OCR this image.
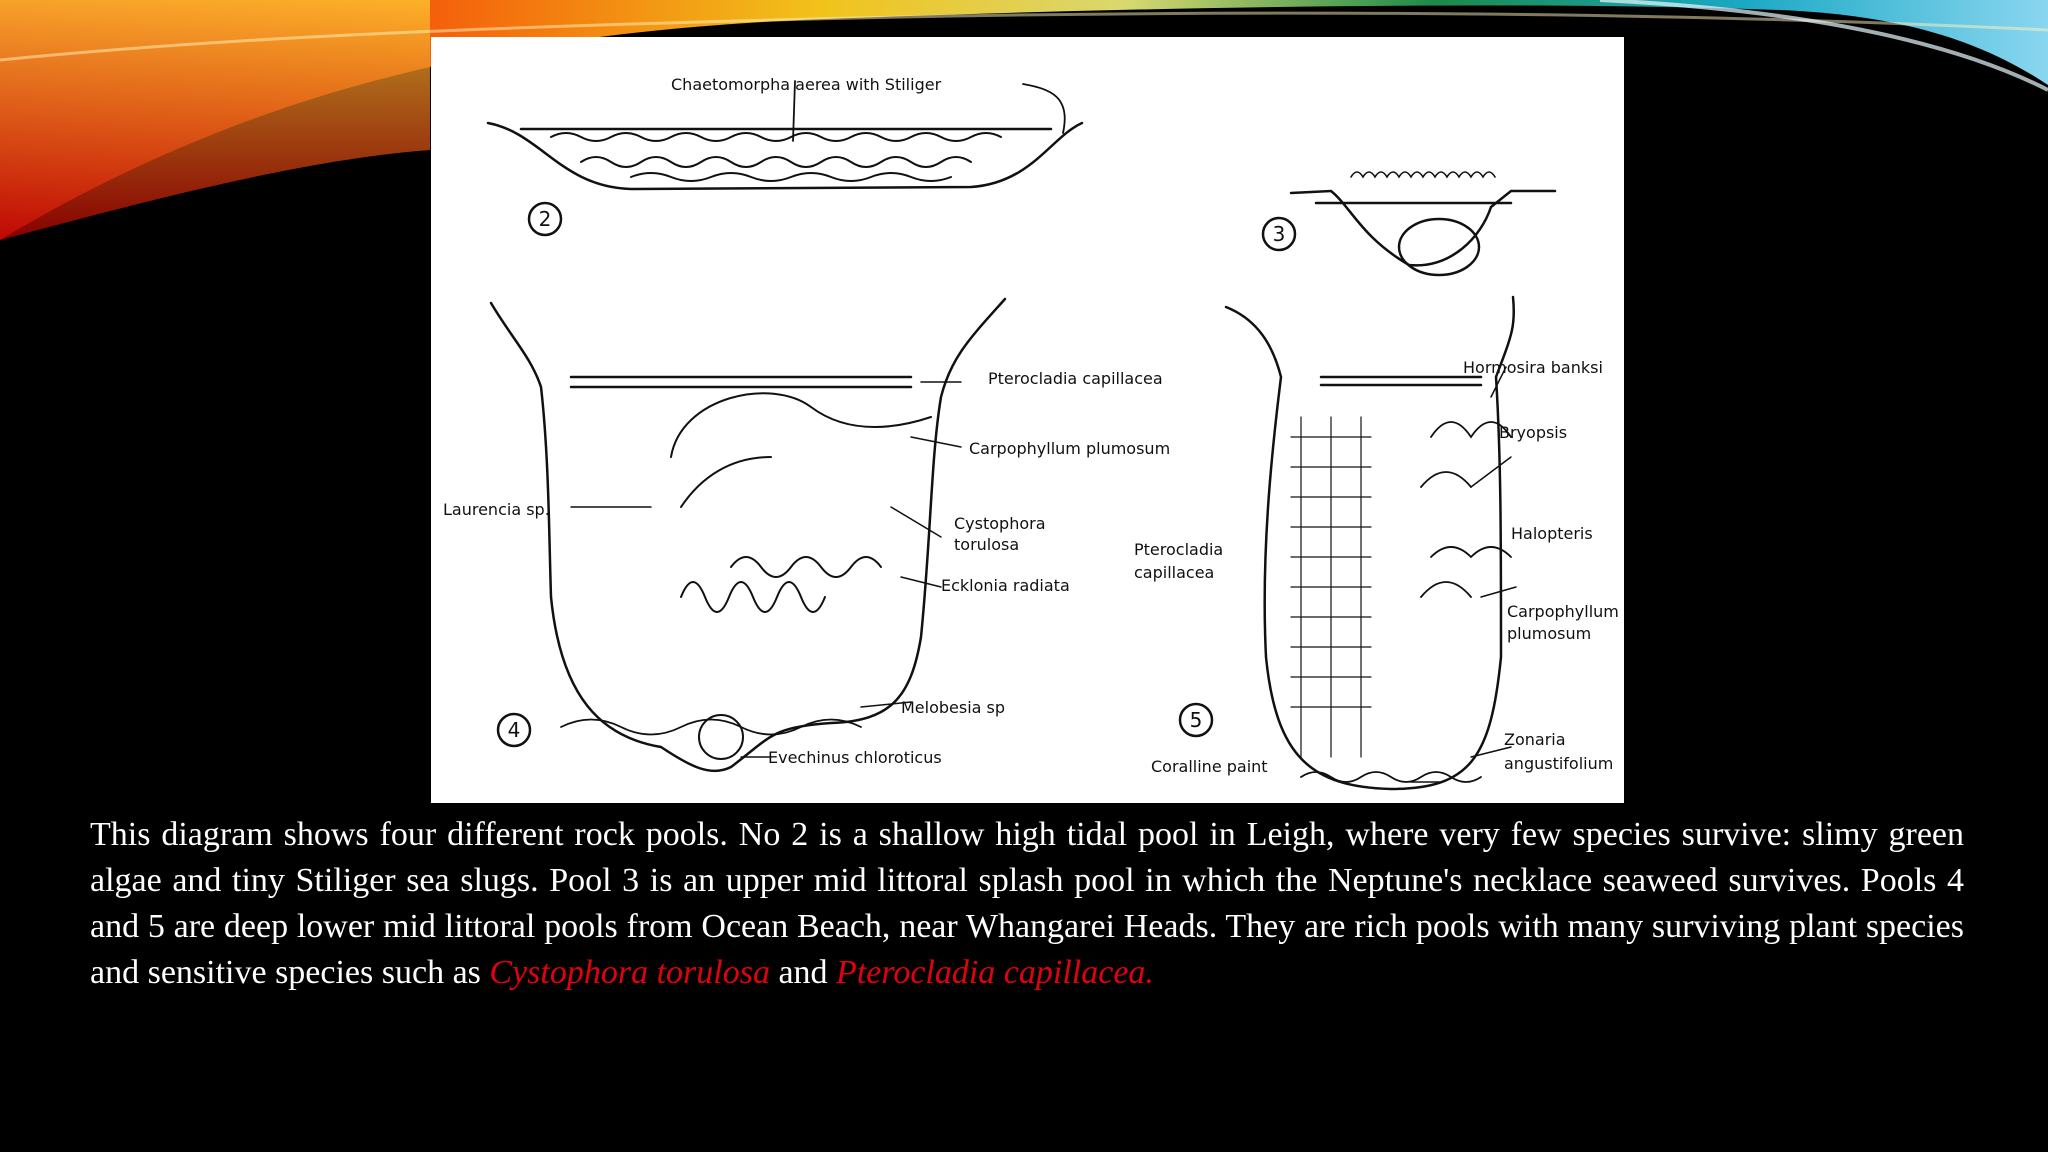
2
3
4	5
Chaetomorpha aerea with Stiliger
Pterocladia capillacea
Carpophyllum plumosum
Laurencia sp.
Cystophora
torulosa
Ecklonia radiata
Melobesia sp
Evechinus chloroticus
Hormosira banksi
Bryopsis
Halopteris
Pterocladia
capillacea
Carpophyllum
plumosum
Zonaria
angustifolium
Coralline paint
This diagram shows four different rock pools. No 2 is a shallow high tidal pool in Leigh, where very few species survive: slimy green algae and tiny Stiliger sea slugs. Pool 3 is an upper mid littoral splash pool in which the Neptune's necklace seaweed survives. Pools 4 and 5 are deep lower mid littoral pools from Ocean Beach, near Whangarei Heads. They are rich pools with many surviving plant species and sensitive species such as Cystophora torulosa and Pterocladia capillacea.
